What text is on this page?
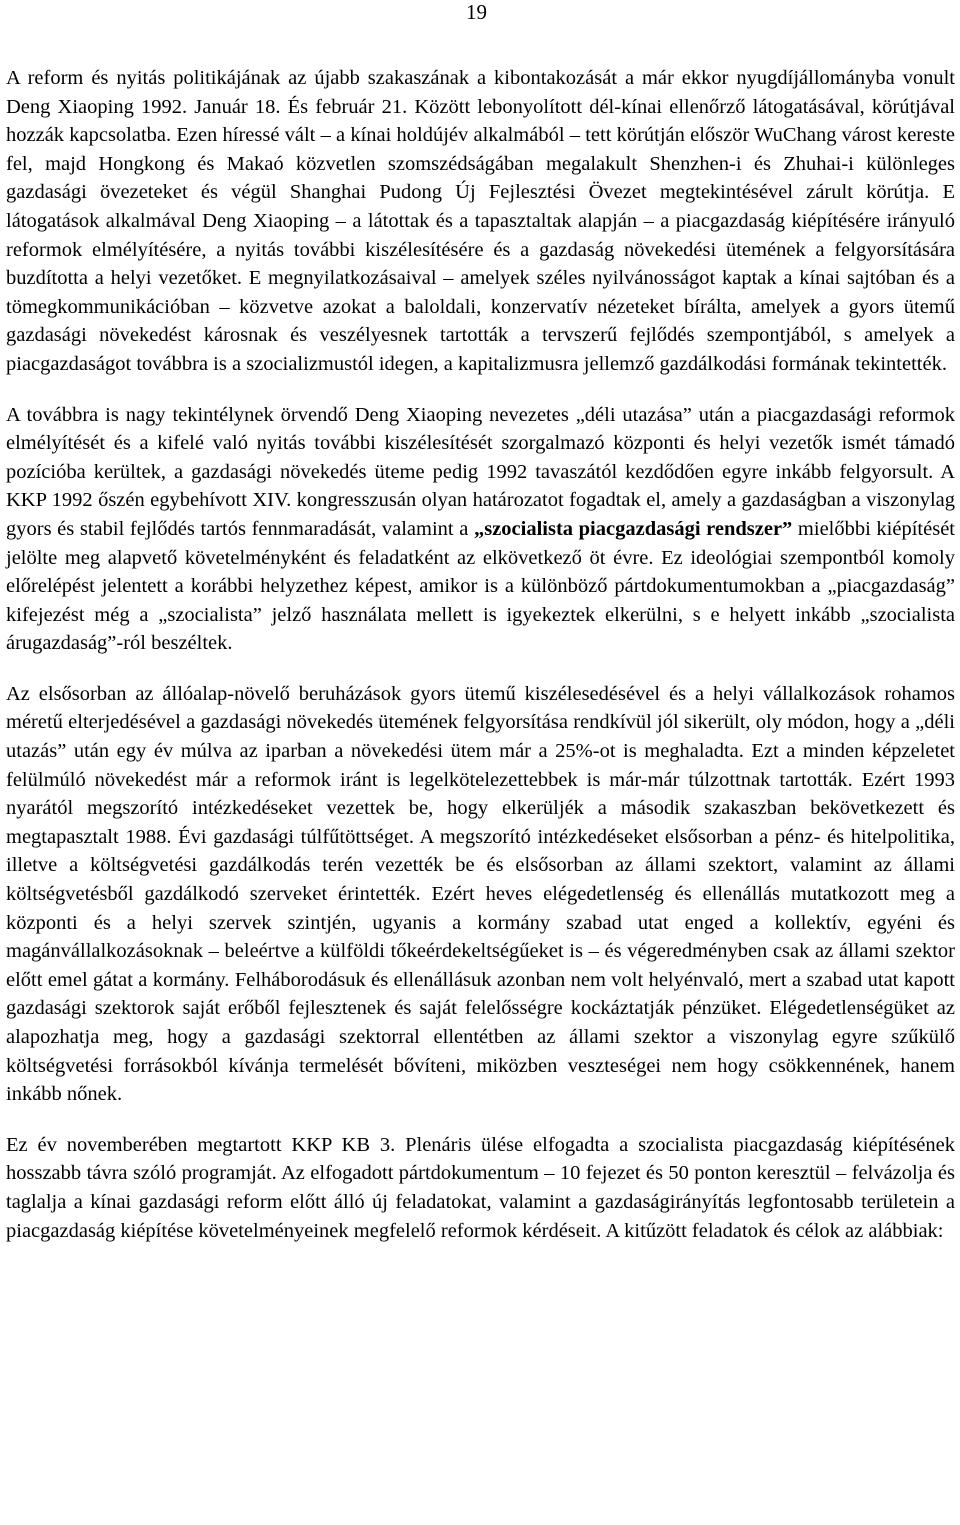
19

A reform és nyitás politikájának az újabb szakaszának a kibontakozását a már ekkor nyugdíjállományba vonult Deng Xiaoping 1992. Január 18. És február 21. Között lebonyolított dél-kínai ellenőrző látogatásával, körútjával hozzák kapcsolatba. Ezen híressé vált – a kínai holdújév alkalmából – tett körútján először WuChang várost kereste fel, majd Hongkong és Makaó közvetlen szomszédságában megalakult Shenzhen-i és Zhuhai-i különleges gazdasági övezeteket és végül Shanghai Pudong Új Fejlesztési Övezet megtekintésével zárult körútja. E látogatások alkalmával Deng Xiaoping – a látottak és a tapasztaltak alapján – a piacgazdaság kiépítésére irányuló reformok elmélyítésére, a nyitás további kiszélesítésére és a gazdaság növekedési ütemének a felgyorsítására buzdította a helyi vezetőket. E megnyilatkozásaival – amelyek széles nyilvánosságot kaptak a kínai sajtóban és a tömegkommunikációban – közvetve azokat a baloldali, konzervatív nézeteket bírálta, amelyek a gyors ütemű gazdasági növekedést károsnak és veszélyesnek tartották a tervszerű fejlődés szempontjából, s amelyek a piacgazdaságot továbbra is a szocializmustól idegen, a kapitalizmusra jellemző gazdálkodási formának tekintették.

A továbbra is nagy tekintélynek örvendő Deng Xiaoping nevezetes „déli utazása” után a piacgazdasági reformok elmélyítését és a kifelé való nyitás további kiszélesítését szorgalmazó központi és helyi vezetők ismét támadó pozícióba kerültek, a gazdasági növekedés üteme pedig 1992 tavaszától kezdődően egyre inkább felgyorsult. A KKP 1992 őszén egybehívott XIV. kongresszusán olyan határozatot fogadtak el, amely a gazdaságban a viszonylag gyors és stabil fejlődés tartós fennmaradását, valamint a „szocialista piacgazdasági rendszer” mielőbbi kiépítését jelölte meg alapvető követelményként és feladatként az elkövetkező öt évre. Ez ideológiai szempontból komoly előrelépést jelentett a korábbi helyzethez képest, amikor is a különböző pártdokumentumokban a „piacgazdaság” kifejezést még a „szocialista” jelző használata mellett is igyekeztek elkerülni, s e helyett inkább „szocialista árugazdaság”-ról beszéltek.

Az elsősorban az állóalap-növelő beruházások gyors ütemű kiszélesedésével és a helyi vállalkozások rohamos méretű elterjedésével a gazdasági növekedés ütemének felgyorsítása rendkívül jól sikerült, oly módon, hogy a „déli utazás” után egy év múlva az iparban a növekedési ütem már a 25%-ot is meghaladta. Ezt a minden képzeletet felülmúló növekedést már a reformok iránt is legelkötelezettebbek is már-már túlzottnak tartották. Ezért 1993 nyarától megszorító intézkedéseket vezettek be, hogy elkerüljék a második szakaszban bekövetkezett és megtapasztalt 1988. Évi gazdasági túlfűtöttséget. A megszorító intézkedéseket elsősorban a pénz- és hitelpolitika, illetve a költségvetési gazdálkodás terén vezették be és elsősorban az állami szektort, valamint az állami költségvetésből gazdálkodó szerveket érintették. Ezért heves elégedetlenség és ellenállás mutatkozott meg a központi és a helyi szervek szintjén, ugyanis a kormány szabad utat enged a kollektív, egyéni és magánvállalkozásoknak – beleértve a külföldi tőkeérdekeltségűeket is – és végeredményben csak az állami szektor előtt emel gátat a kormány. Felháborodásuk és ellenállásuk azonban nem volt helyénvaló, mert a szabad utat kapott gazdasági szektorok saját erőből fejlesztenek és saját felelősségre kockáztatják pénzüket. Elégedetlenségüket az alapozhatja meg, hogy a gazdasági szektorral ellentétben az állami szektor a viszonylag egyre szűkülő költségvetési forrásokból kívánja termelését bővíteni, miközben veszteségei nem hogy csökkennének, hanem inkább nőnek.

Ez év novemberében megtartott KKP KB 3. Plenáris ülése elfogadta a szocialista piacgazdaság kiépítésének hosszabb távra szóló programját. Az elfogadott pártdokumentum – 10 fejezet és 50 ponton keresztül – felvázolja és taglalja a kínai gazdasági reform előtt álló új feladatokat, valamint a gazdaságirányítás legfontosabb területein a piacgazdaság kiépítése követelményeinek megfelelő reformok kérdéseit. A kitűzött feladatok és célok az alábbiak:
